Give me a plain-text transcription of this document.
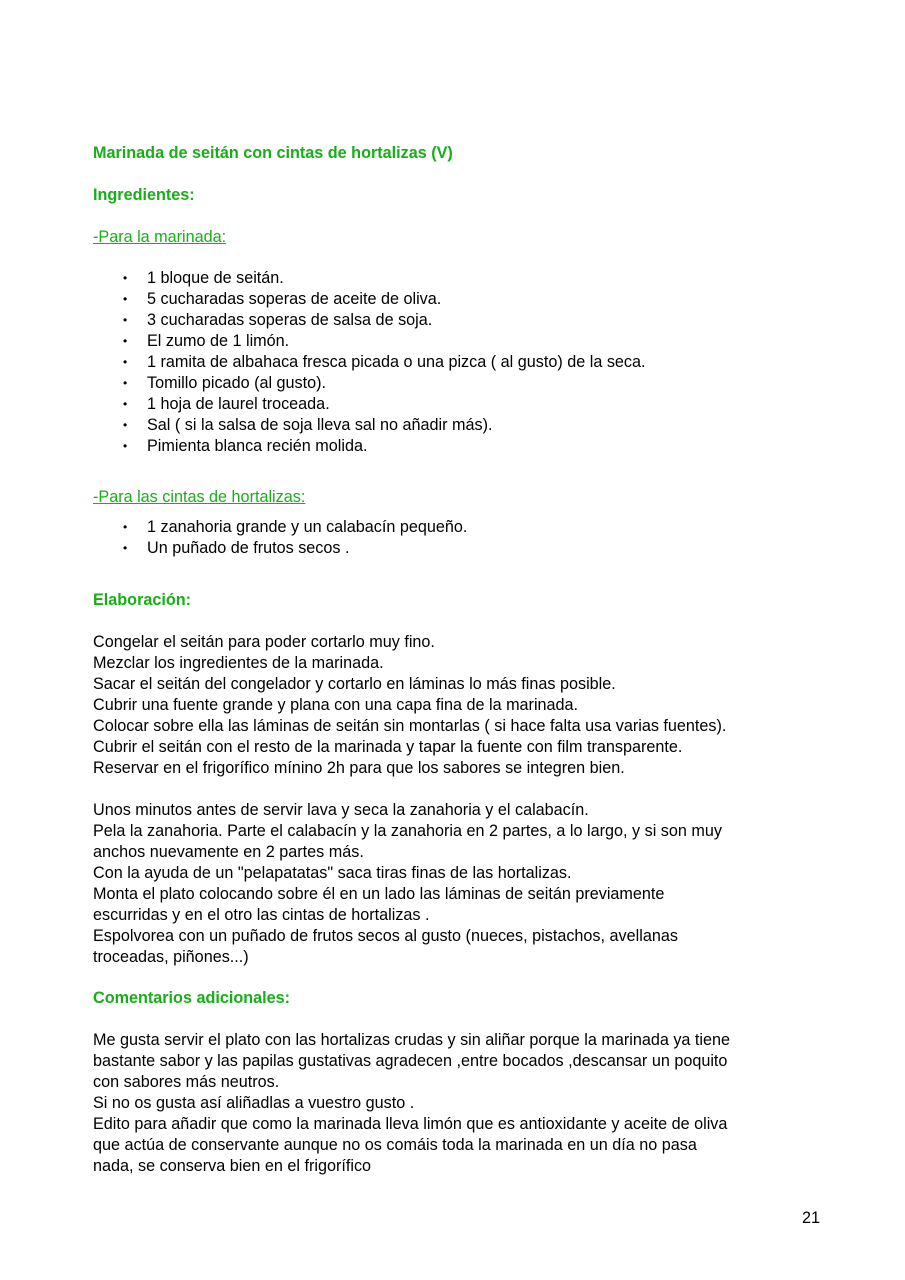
Marinada de seitán con cintas de hortalizas (V)
Ingredientes:
-Para la marinada:
• 1 bloque de seitán.
• 5 cucharadas soperas de aceite de oliva.
• 3 cucharadas soperas de salsa de soja.
• El zumo de 1 limón.
• 1 ramita de albahaca fresca picada o una pizca ( al gusto) de la seca.
• Tomillo picado (al gusto).
• 1 hoja de laurel troceada.
• Sal ( si la salsa de soja lleva sal no añadir más).
• Pimienta blanca recién molida.
-Para las cintas de hortalizas:
• 1 zanahoria grande y un calabacín pequeño.
• Un puñado de frutos secos .
Elaboración:
Congelar el seitán para poder cortarlo muy fino.
Mezclar los ingredientes de la marinada.
Sacar el seitán del congelador y cortarlo en láminas lo más finas posible.
Cubrir una fuente grande y plana con una capa fina de la marinada.
Colocar sobre ella las láminas de seitán sin montarlas ( si hace falta usa varias fuentes).
Cubrir el seitán con el resto de la marinada y tapar la fuente con film transparente.
Reservar en el frigorífico mínino 2h para que los sabores se integren bien.
Unos minutos antes de servir lava y seca la zanahoria y el calabacín.
Pela la zanahoria. Parte el calabacín y la zanahoria en 2 partes, a lo largo, y si son muy
anchos nuevamente en 2 partes más.
Con la ayuda de un "pelapatatas" saca tiras finas de las hortalizas.
Monta el plato colocando sobre él en un lado las láminas de seitán previamente
escurridas y en el otro las cintas de hortalizas .
Espolvorea con un puñado de frutos secos al gusto (nueces, pistachos, avellanas
troceadas, piñones...)
Comentarios adicionales:
Me gusta servir el plato con las hortalizas crudas y sin aliñar porque la marinada ya tiene
bastante sabor y las papilas gustativas agradecen ,entre bocados ,descansar un poquito
con sabores más neutros.
Si no os gusta así aliñadlas a vuestro gusto .
Edito para añadir que como la marinada lleva limón que es antioxidante y aceite de oliva
que actúa de conservante aunque no os comáis toda la marinada en un día no pasa
nada, se conserva bien en el frigorífico
21
